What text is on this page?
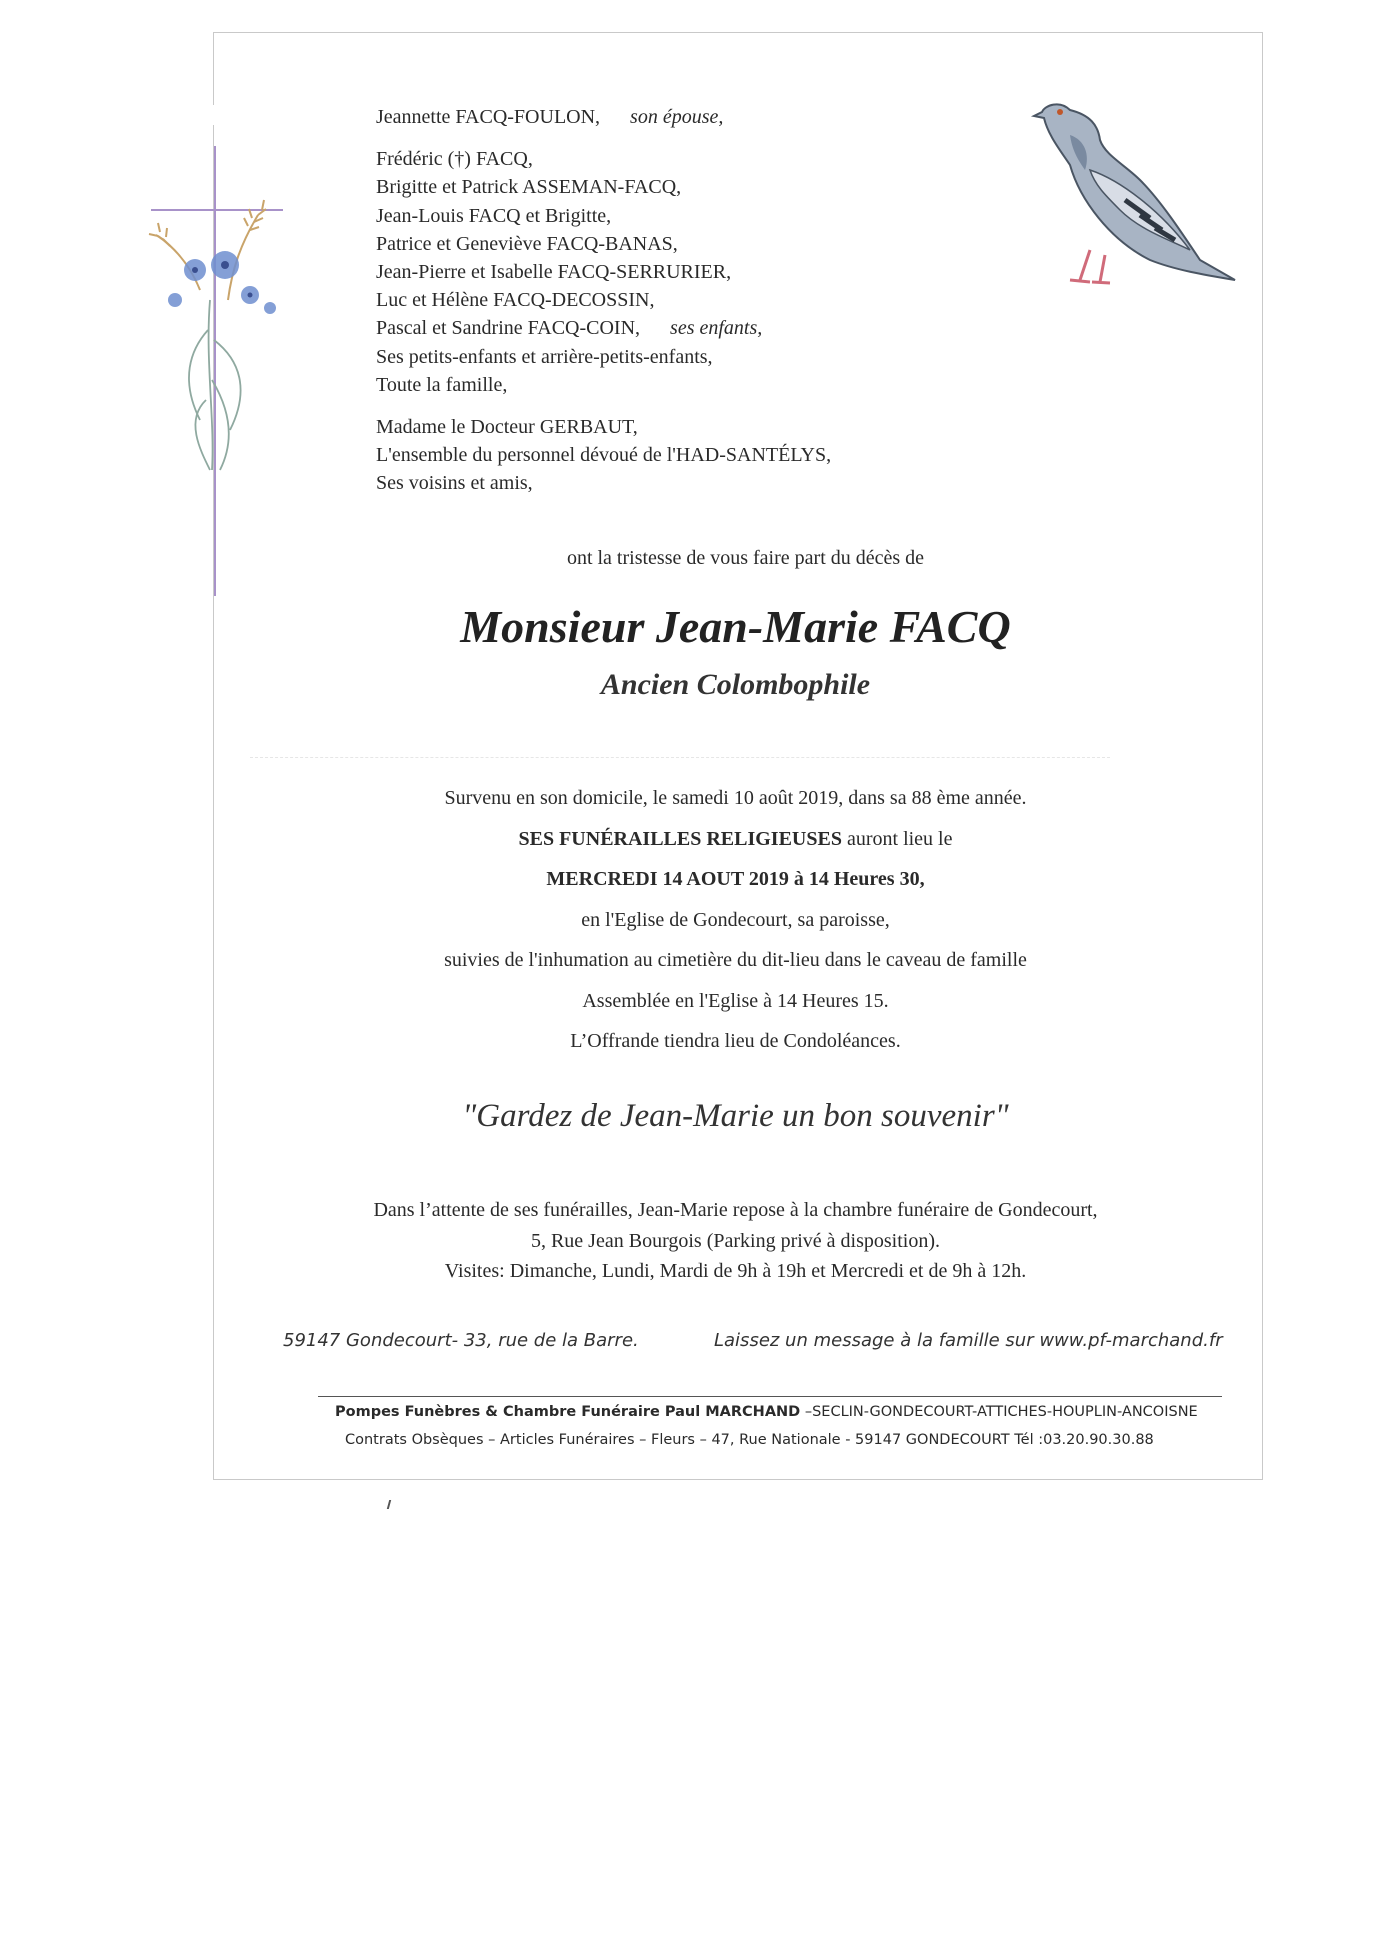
Jeannette FACQ-FOULON, son épouse,
Frédéric (†) FACQ,
Brigitte et Patrick ASSEMAN-FACQ,
Jean-Louis FACQ et Brigitte,
Patrice et Geneviève FACQ-BANAS,
Jean-Pierre et Isabelle FACQ-SERRURIER,
Luc et Hélène FACQ-DECOSSIN,
Pascal et Sandrine FACQ-COIN, ses enfants,
Ses petits-enfants et arrière-petits-enfants,
Toute la famille,
Madame le Docteur GERBAUT,
L'ensemble du personnel dévoué de l'HAD-SANTÉLYS,
Ses voisins et amis,
ont la tristesse de vous faire part du décès de
Monsieur Jean-Marie FACQ
Ancien Colombophile
Survenu en son domicile, le samedi 10 août 2019, dans sa 88 ème année.
SES FUNÉRAILLES RELIGIEUSES auront lieu le
MERCREDI 14 AOUT 2019 à 14 Heures 30,
en l'Eglise de Gondecourt, sa paroisse,
suivies de l'inhumation au cimetière du dit-lieu dans le caveau de famille
Assemblée en l'Eglise à 14 Heures 15.
L’Offrande tiendra lieu de Condoléances.
"Gardez de Jean-Marie un bon souvenir"
Dans l’attente de ses funérailles, Jean-Marie repose à la chambre funéraire de Gondecourt,
5, Rue Jean Bourgois (Parking privé à disposition).
Visites: Dimanche, Lundi, Mardi de 9h à 19h et Mercredi et de 9h à 12h.
59147 Gondecourt- 33, rue de la Barre.	Laissez un message à la famille sur www.pf-marchand.fr
Pompes Funèbres & Chambre Funéraire Paul MARCHAND –SECLIN-GONDECOURT-ATTICHES-HOUPLIN-ANCOISNE
Contrats Obsèques – Articles Funéraires – Fleurs – 47, Rue Nationale - 59147 GONDECOURT Tél :03.20.90.30.88
